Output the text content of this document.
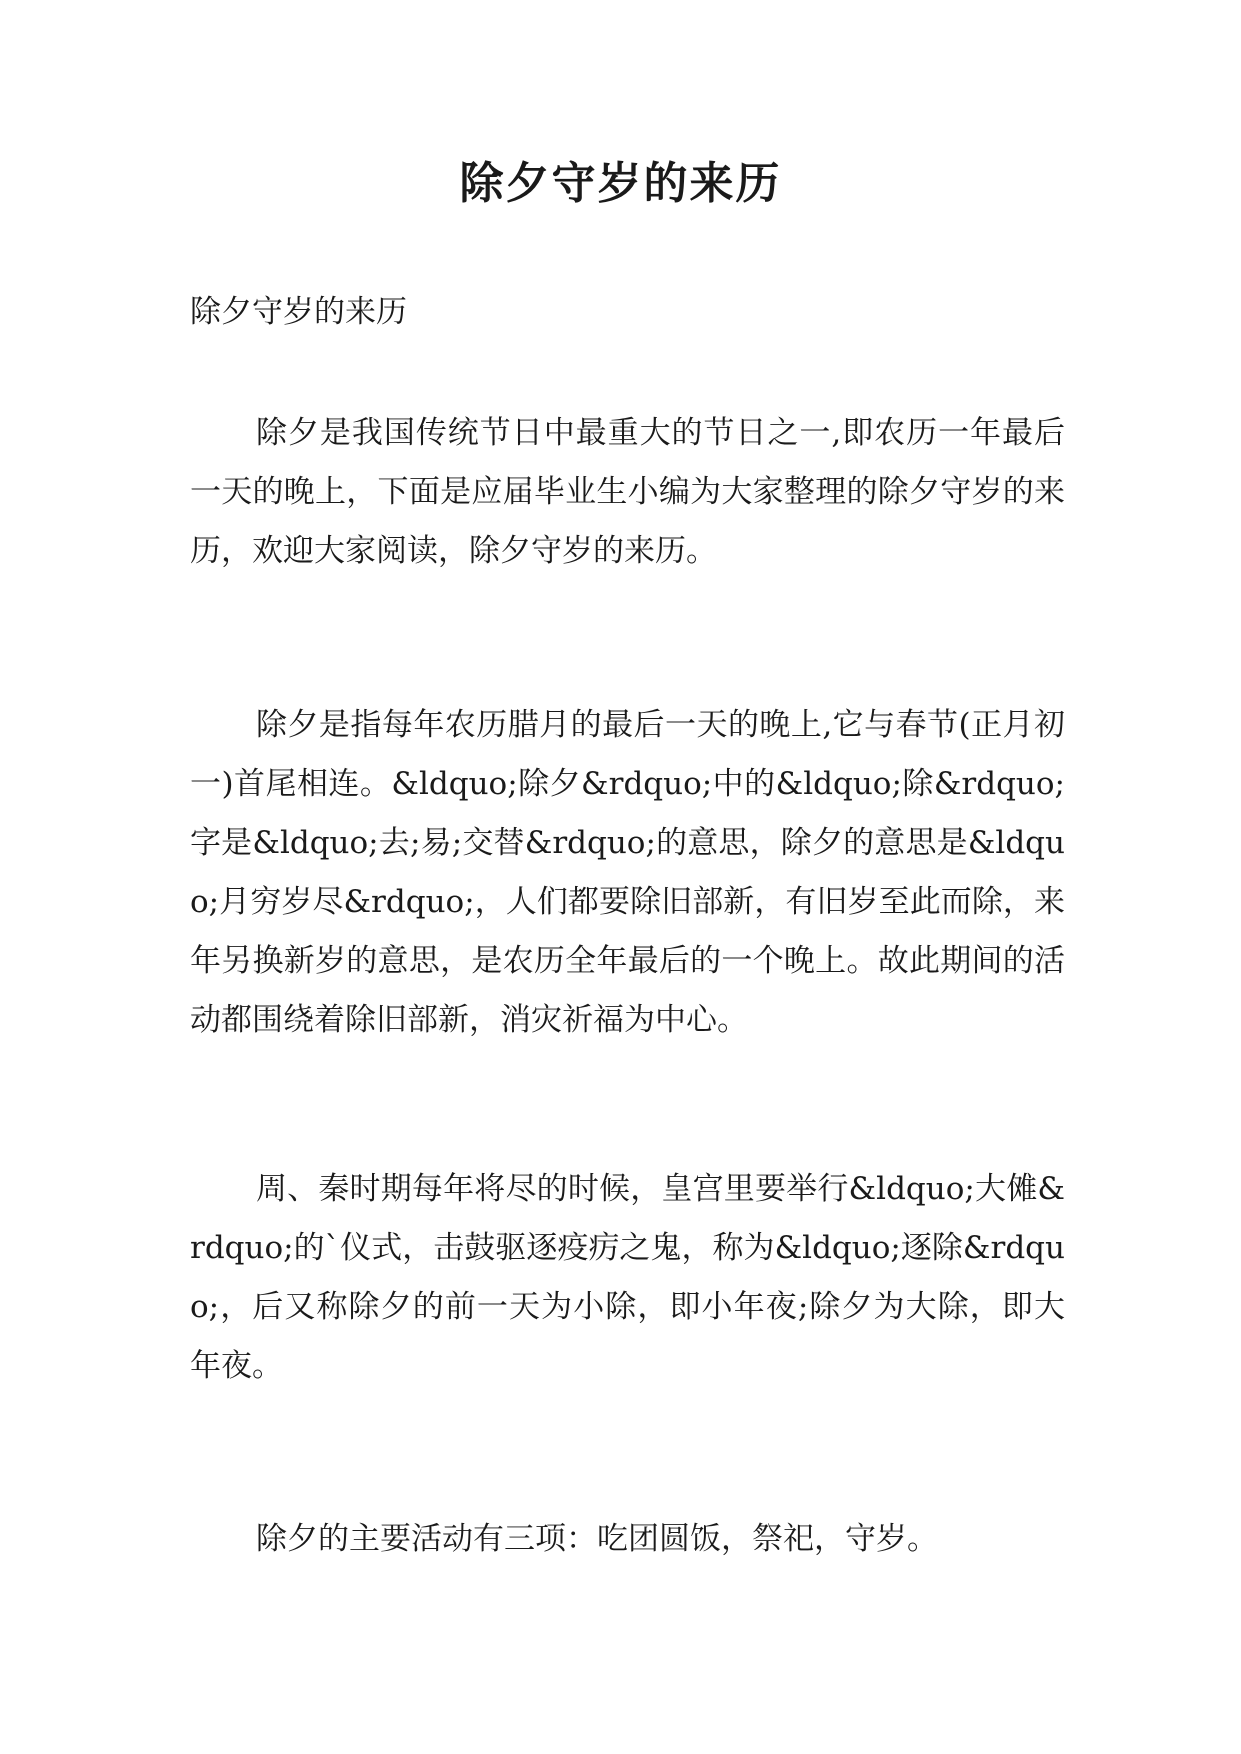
除夕守岁的来历

除夕守岁的来历

除夕是我国传统节日中最重大的节日之一,即农历一年最后一天的晚上，下面是应届毕业生小编为大家整理的除夕守岁的来历，欢迎大家阅读，除夕守岁的来历。

除夕是指每年农历腊月的最后一天的晚上,它与春节(正月初一)首尾相连。&ldquo;除夕&rdquo;中的&ldquo;除&rdquo;字是&ldquo;去;易;交替&rdquo;的意思，除夕的意思是&ldquo;月穷岁尽&rdquo;，人们都要除旧部新，有旧岁至此而除，来年另换新岁的意思，是农历全年最后的一个晚上。故此期间的活动都围绕着除旧部新，消灾祈福为中心。

周、秦时期每年将尽的时候，皇宫里要举行&ldquo;大傩&rdquo;的`仪式，击鼓驱逐疫疠之鬼，称为&ldquo;逐除&rdquo;，后又称除夕的前一天为小除，即小年夜;除夕为大除，即大年夜。

除夕的主要活动有三项：吃团圆饭，祭祀，守岁。
